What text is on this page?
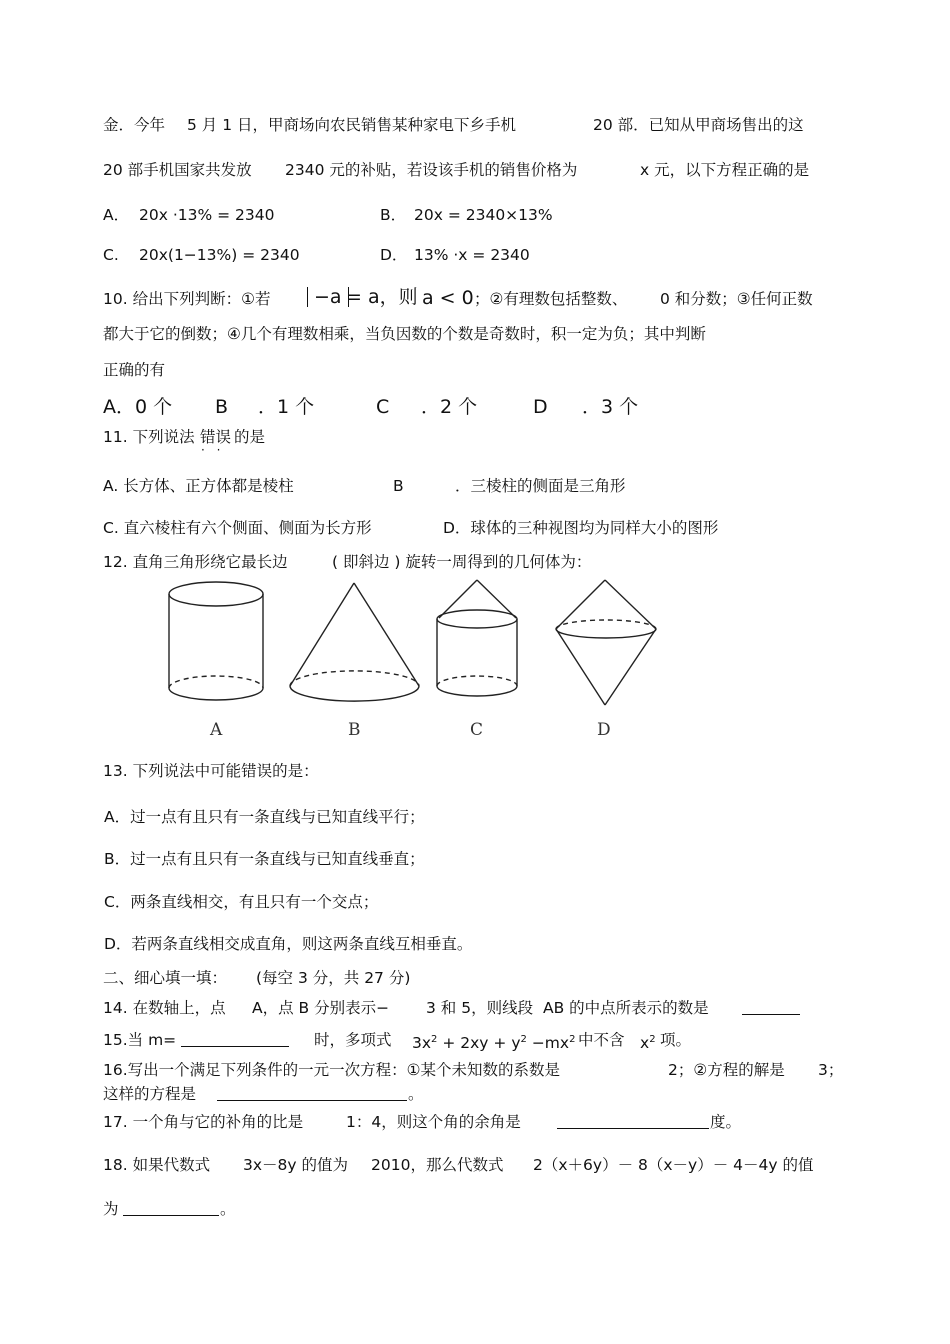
金．今年 5 月 1 日，甲商场向农民销售某种家电下乡手机	20 部．已知从甲商场售出的这
20 部手机国家共发放 2340 元的补贴，若设该手机的销售价格为	x 元，以下方程正确的是
A． 20x ·13% = 2340	B． 20x = 2340×13%
C. 20x(1−13%) = 2340	D． 13% ·x = 2340
10. 给出下列判断：①若	−a = a，则 a < 0 ；②有理数包括整数、 0 和分数；③任何正数
都大于它的倒数；④几个有理数相乘，当负因数的个数是奇数时，积一定为负；其中判断
正确的有
A．0 个 B ．1 个	C ．2 个	D ．3 个
11. 下列说法 错误 · · 的是
A. 长方体、正方体都是棱柱	B	．三棱柱的侧面是三角形
C. 直六棱柱有六个侧面、侧面为长方形	D．球体的三种视图均为同样大小的图形
12. 直角三角形绕它最长边	( 即斜边 ) 旋转一周得到的几何体为：
A	B	C	D
13. 下列说法中可能错误的是：
A．过一点有且只有一条直线与已知直线平行；
B．过一点有且只有一条直线与已知直线垂直；
C．两条直线相交，有且只有一个交点；
D．若两条直线相交成直角，则这两条直线互相垂直。
二、细心填一填： (每空 3 分，共 27 分)
14. 在数轴上，点 A，点 B 分别表示− 3 和 5，则线段 AB 的中点所表示的数是
15.当 m=	时，多项式 $3x^2 + 2xy + y^2 -mx^2$ 中不含 $x^2$ 项。
16.写出一个满足下列条件的一元一次方程：①某个未知数的系数是	2；②方程的解是 3；
这样的方程是	。
17. 一个角与它的补角的比是	1：4，则这个角的余角是	度。
18. 如果代数式 3x－8y 的值为 2010，那么代数式 2（x＋6y）－ 8（x－y）－ 4－4y 的值
为	。
